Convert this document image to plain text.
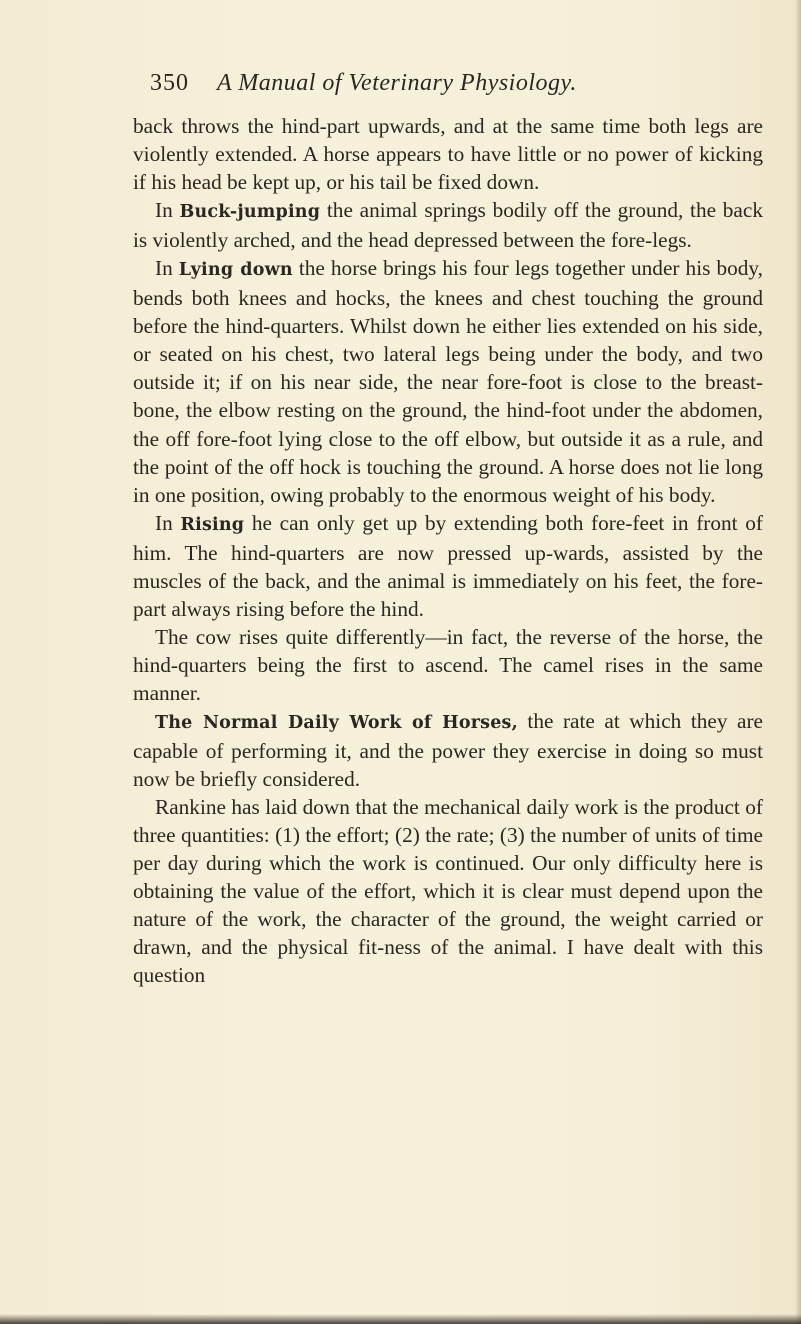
350 A Manual of Veterinary Physiology.

back throws the hind-part upwards, and at the same time both legs are violently extended. A horse appears to have little or no power of kicking if his head be kept up, or his tail be fixed down.

In Buck-jumping the animal springs bodily off the ground, the back is violently arched, and the head depressed between the fore-legs.

In Lying down the horse brings his four legs together under his body, bends both knees and hocks, the knees and chest touching the ground before the hind-quarters. Whilst down he either lies extended on his side, or seated on his chest, two lateral legs being under the body, and two outside it; if on his near side, the near fore-foot is close to the breast-bone, the elbow resting on the ground, the hind-foot under the abdomen, the off fore-foot lying close to the off elbow, but outside it as a rule, and the point of the off hock is touching the ground. A horse does not lie long in one position, owing probably to the enormous weight of his body.

In Rising he can only get up by extending both fore-feet in front of him. The hind-quarters are now pressed up-wards, assisted by the muscles of the back, and the animal is immediately on his feet, the fore-part always rising before the hind.

The cow rises quite differently—in fact, the reverse of the horse, the hind-quarters being the first to ascend. The camel rises in the same manner.

The Normal Daily Work of Horses, the rate at which they are capable of performing it, and the power they exercise in doing so must now be briefly considered.

Rankine has laid down that the mechanical daily work is the product of three quantities: (1) the effort; (2) the rate; (3) the number of units of time per day during which the work is continued. Our only difficulty here is obtaining the value of the effort, which it is clear must depend upon the nature of the work, the character of the ground, the weight carried or drawn, and the physical fit-ness of the animal. I have dealt with this question
